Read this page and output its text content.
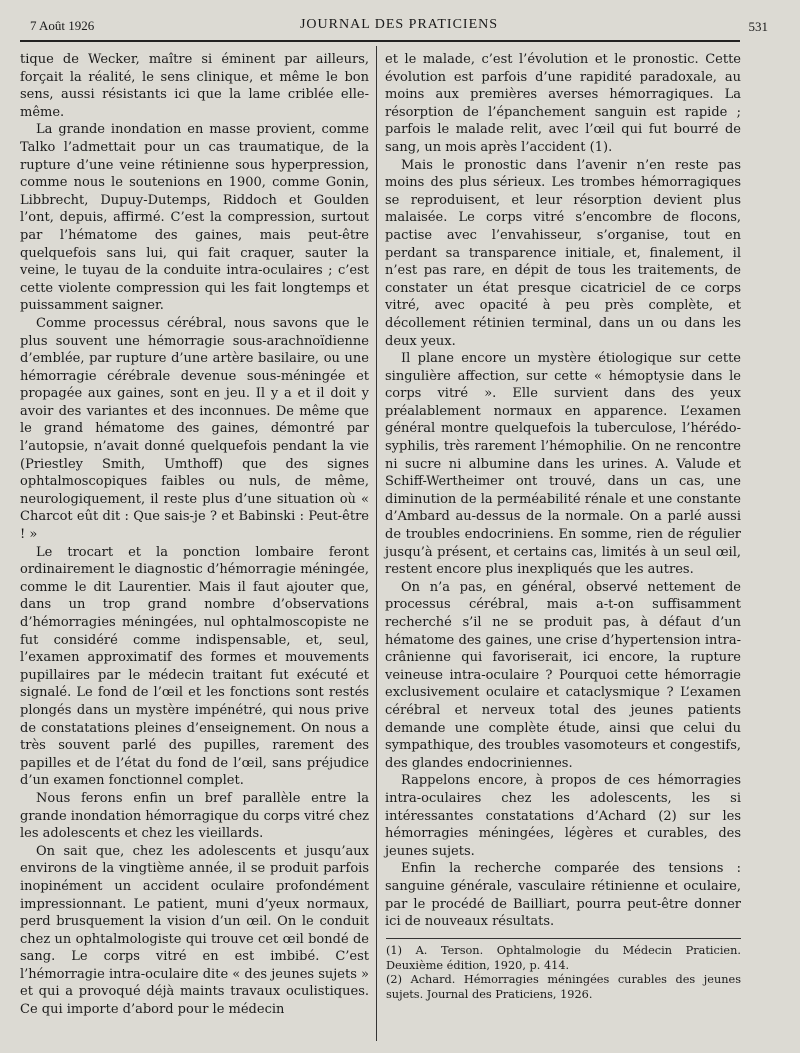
7 Août 1926	JOURNAL DES PRATICIENS	531

tique de Wecker, maître si éminent par ailleurs, forçait la réalité, le sens clinique, et même le bon sens, aussi résistants ici que la lame criblée elle-même.

La grande inondation en masse provient, comme Talko l’admettait pour un cas traumatique, de la rupture d’une veine rétinienne sous hyperpression, comme nous le soutenions en 1900, comme Gonin, Libbrecht, Dupuy-Dutemps, Riddoch et Goulden l’ont, depuis, affirmé. C’est la compression, surtout par l’hématome des gaines, mais peut-être quelquefois sans lui, qui fait craquer, sauter la veine, le tuyau de la conduite intra-oculaires ; c’est cette violente compression qui les fait longtemps et puissamment saigner.

Comme processus cérébral, nous savons que le plus souvent une hémorragie sous-arachnoïdienne d’emblée, par rupture d’une artère basilaire, ou une hémorragie cérébrale devenue sous-méningée et propagée aux gaines, sont en jeu. Il y a et il doit y avoir des variantes et des inconnues. De même que le grand hématome des gaines, démontré par l’autopsie, n’avait donné quelquefois pendant la vie (Priestley Smith, Umthoff) que des signes ophtalmoscopiques faibles ou nuls, de même, neurologiquement, il reste plus d’une situation où « Charcot eût dit : Que sais-je ? et Babinski : Peut-être ! »

Le trocart et la ponction lombaire feront ordinairement le diagnostic d’hémorragie méningée, comme le dit Laurentier. Mais il faut ajouter que, dans un trop grand nombre d’observations d’hémorragies méningées, nul ophtalmoscopiste ne fut considéré comme indispensable, et, seul, l’examen approximatif des formes et mouvements pupillaires par le médecin traitant fut exécuté et signalé. Le fond de l’œil et les fonctions sont restés plongés dans un mystère impénétré, qui nous prive de constatations pleines d’enseignement. On nous a très souvent parlé des pupilles, rarement des papilles et de l’état du fond de l’œil, sans préjudice d’un examen fonctionnel complet.

Nous ferons enfin un bref parallèle entre la grande inondation hémorragique du corps vitré chez les adolescents et chez les vieillards.

On sait que, chez les adolescents et jusqu’aux environs de la vingtième année, il se produit parfois inopinément un accident oculaire profondément impressionnant. Le patient, muni d’yeux normaux, perd brusquement la vision d’un œil. On le conduit chez un ophtalmologiste qui trouve cet œil bondé de sang. Le corps vitré en est imbibé. C’est l’hémorragie intra-oculaire dite « des jeunes sujets » et qui a provoqué déjà maints travaux oculistiques. Ce qui importe d’abord pour le médecin

et le malade, c’est l’évolution et le pronostic. Cette évolution est parfois d’une rapidité paradoxale, au moins aux premières averses hémorragiques. La résorption de l’épanchement sanguin est rapide ; parfois le malade relit, avec l’œil qui fut bourré de sang, un mois après l’accident (1).

Mais le pronostic dans l’avenir n’en reste pas moins des plus sérieux. Les trombes hémorragiques se reproduisent, et leur résorption devient plus malaisée. Le corps vitré s’encombre de flocons, pactise avec l’envahisseur, s’organise, tout en perdant sa transparence initiale, et, finalement, il n’est pas rare, en dépit de tous les traitements, de constater un état presque cicatriciel de ce corps vitré, avec opacité à peu près complète, et décollement rétinien terminal, dans un ou dans les deux yeux.

Il plane encore un mystère étiologique sur cette singulière affection, sur cette « hémoptysie dans le corps vitré ». Elle survient dans des yeux préalablement normaux en apparence. L’examen général montre quelquefois la tuberculose, l’hérédo-syphilis, très rarement l’hémophilie. On ne rencontre ni sucre ni albumine dans les urines. A. Valude et Schiff-Wertheimer ont trouvé, dans un cas, une diminution de la perméabilité rénale et une constante d’Ambard au-dessus de la normale. On a parlé aussi de troubles endocriniens. En somme, rien de régulier jusqu’à présent, et certains cas, limités à un seul œil, restent encore plus inexpliqués que les autres.

On n’a pas, en général, observé nettement de processus cérébral, mais a-t-on suffisamment recherché s’il ne se produit pas, à défaut d’un hématome des gaines, une crise d’hypertension intra-crânienne qui favoriserait, ici encore, la rupture veineuse intra-oculaire ? Pourquoi cette hémorragie exclusivement oculaire et cataclysmique ? L’examen cérébral et nerveux total des jeunes patients demande une complète étude, ainsi que celui du sympathique, des troubles vasomoteurs et congestifs, des glandes endocriniennes.

Rappelons encore, à propos de ces hémorragies intra-oculaires chez les adolescents, les si intéressantes constatations d’Achard (2) sur les hémorragies méningées, légères et curables, des jeunes sujets.

Enfin la recherche comparée des tensions : sanguine générale, vasculaire rétinienne et oculaire, par le procédé de Bailliart, pourra peut-être donner ici de nouveaux résultats.

(1) A. Terson. Ophtalmologie du Médecin Praticien. Deuxième édition, 1920, p. 414.

(2) Achard. Hémorragies méningées curables des jeunes sujets. Journal des Praticiens, 1926.
